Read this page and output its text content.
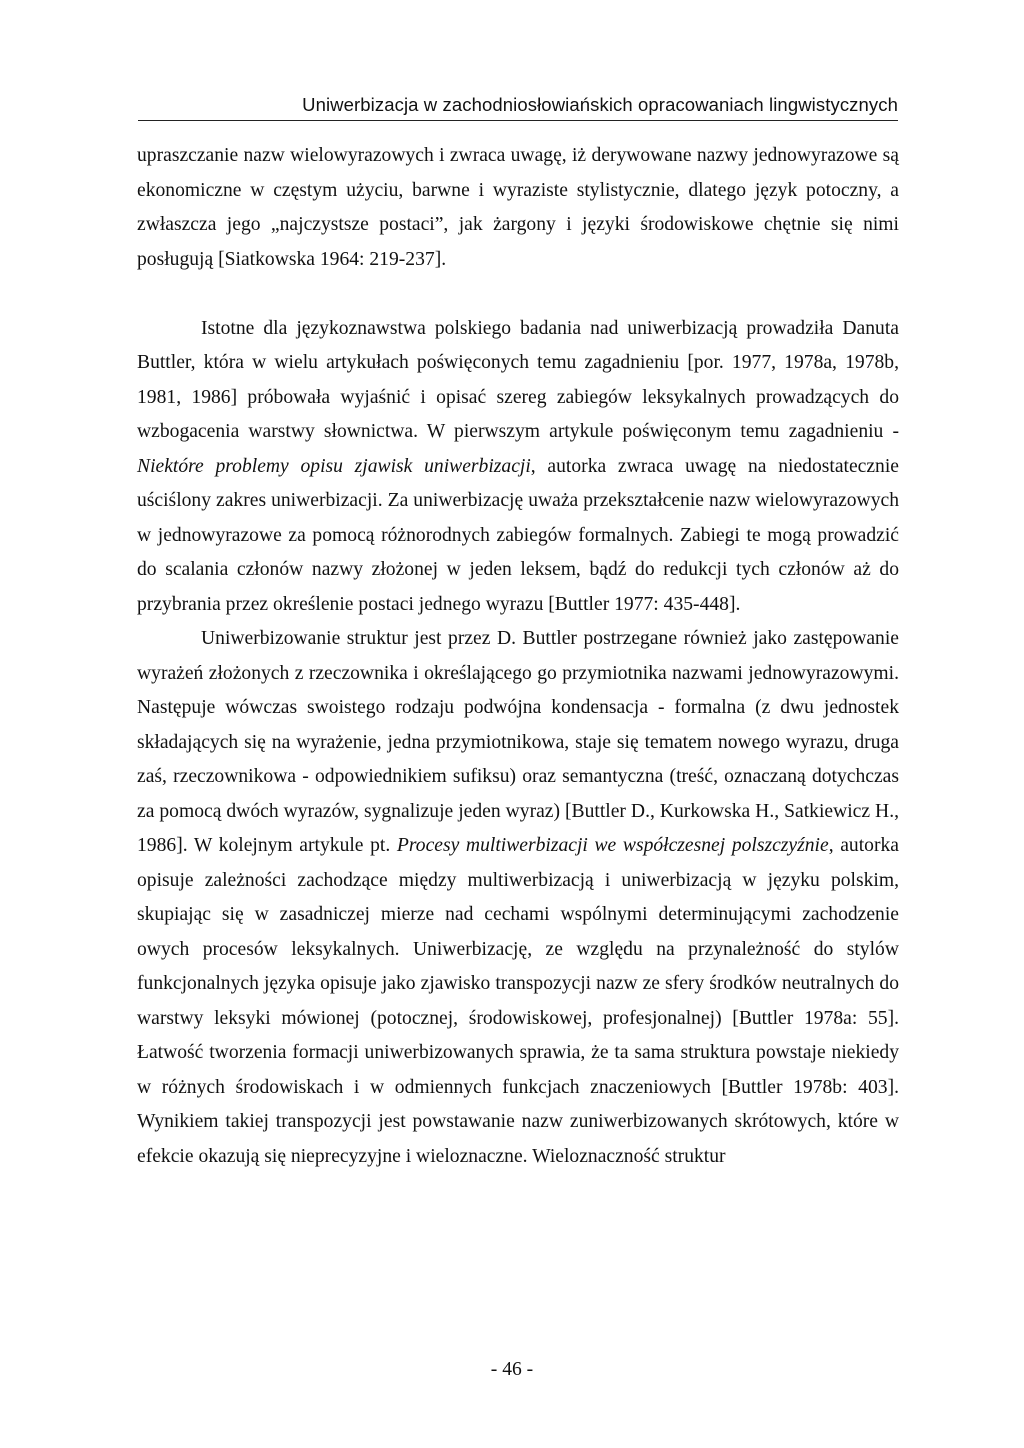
Uniwerbizacja w zachodniosłowiańskich opracowaniach lingwistycznych

upraszczanie nazw wielowyrazowych i zwraca uwagę, iż derywowane nazwy jednowyrazowe są ekonomiczne w częstym użyciu, barwne i wyraziste stylistycznie, dlatego język potoczny, a zwłaszcza jego „najczystsze postaci”, jak żargony i języki środowiskowe chętnie się nimi posługują [Siatkowska 1964: 219-237].

Istotne dla językoznawstwa polskiego badania nad uniwerbizacją prowadziła Danuta Buttler, która w wielu artykułach poświęconych temu zagadnieniu [por. 1977, 1978a, 1978b, 1981, 1986] próbowała wyjaśnić i opisać szereg zabiegów leksykalnych prowadzących do wzbogacenia warstwy słownictwa. W pierwszym artykule poświęconym temu zagadnieniu - Niektóre problemy opisu zjawisk uniwerbizacji, autorka zwraca uwagę na niedostatecznie uściślony zakres uniwerbizacji. Za uniwerbizację uważa przekształcenie nazw wielowyrazowych w jednowyrazowe za pomocą różnorodnych zabiegów formalnych. Zabiegi te mogą prowadzić do scalania członów nazwy złożonej w jeden leksem, bądź do redukcji tych członów aż do przybrania przez określenie postaci jednego wyrazu [Buttler 1977: 435-448].

Uniwerbizowanie struktur jest przez D. Buttler postrzegane również jako zastępowanie wyrażeń złożonych z rzeczownika i określającego go przymiotnika nazwami jednowyrazowymi. Następuje wówczas swoistego rodzaju podwójna kondensacja - formalna (z dwu jednostek składających się na wyrażenie, jedna przymiotnikowa, staje się tematem nowego wyrazu, druga zaś, rzeczownikowa - odpowiednikiem sufiksu) oraz semantyczna (treść, oznaczaną dotychczas za pomocą dwóch wyrazów, sygnalizuje jeden wyraz) [Buttler D., Kurkowska H., Satkiewicz H., 1986]. W kolejnym artykule pt. Procesy multiwerbizacji we współczesnej polszczyźnie, autorka opisuje zależności zachodzące między multiwerbizacją i uniwerbizacją w języku polskim, skupiając się w zasadniczej mierze nad cechami wspólnymi determinującymi zachodzenie owych procesów leksykalnych. Uniwerbizację, ze względu na przynależność do stylów funkcjonalnych języka opisuje jako zjawisko transpozycji nazw ze sfery środków neutralnych do warstwy leksyki mówionej (potocznej, środowiskowej, profesjonalnej) [Buttler 1978a: 55]. Łatwość tworzenia formacji uniwerbizowanych sprawia, że ta sama struktura powstaje niekiedy w różnych środowiskach i w odmiennych funkcjach znaczeniowych [Buttler 1978b: 403]. Wynikiem takiej transpozycji jest powstawanie nazw zuniwerbizowanych skrótowych, które w efekcie okazują się nieprecyzyjne i wieloznaczne. Wieloznaczność struktur

- 46 -
